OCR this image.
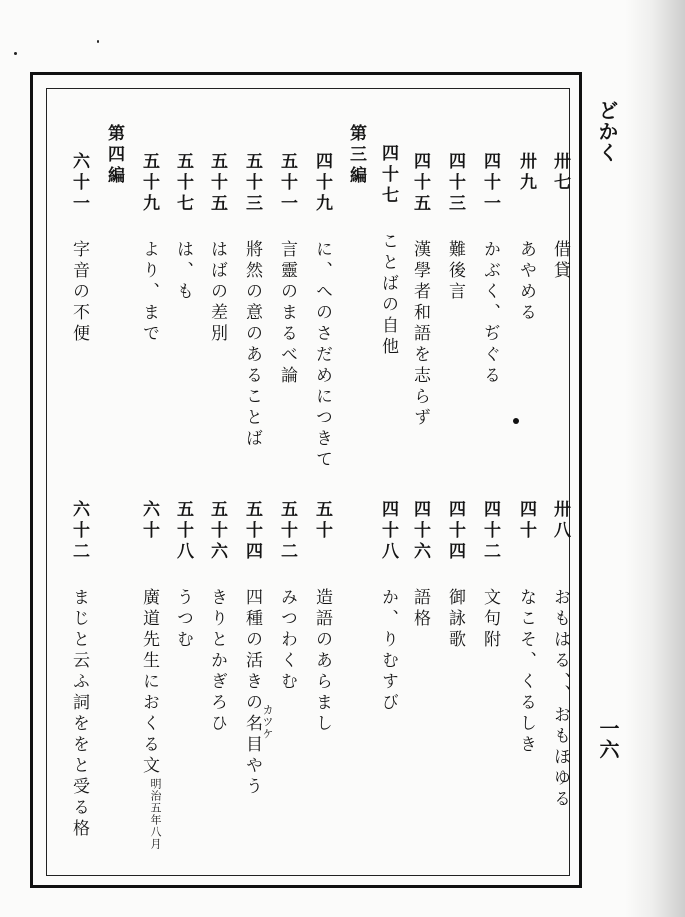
どかく
一六
卅七
借貸
卅九
あやめる
四十一
かぶく、ぢぐる
四十三
難後言
四十五
漢學者和語を志らず
四十七
ことばの自他
第三編
四十九
に、へのさだめにつきて
五十一
言靈のまるべ論
五十三
將然の意のあることば
五十五
はばの差別
五十七
は、も
五十九
より、まで
第四編
六十一
字音の不便
卅八
おもはる、、おもほゆる
四十
なこそ、くるしき
四十二
文句附
四十四
御詠歌
四十六
語格
四十八
か、りむすび
五十
造語のあらまし
五十二
みつわくむ
五十四
四種の活きの名目やう カツケ
五十六
きりとかぎろひ
五十八
うつむ
六十
廣道先生におくる文
明治五年八月
六十二
まじと云ふ詞ををと受る格
